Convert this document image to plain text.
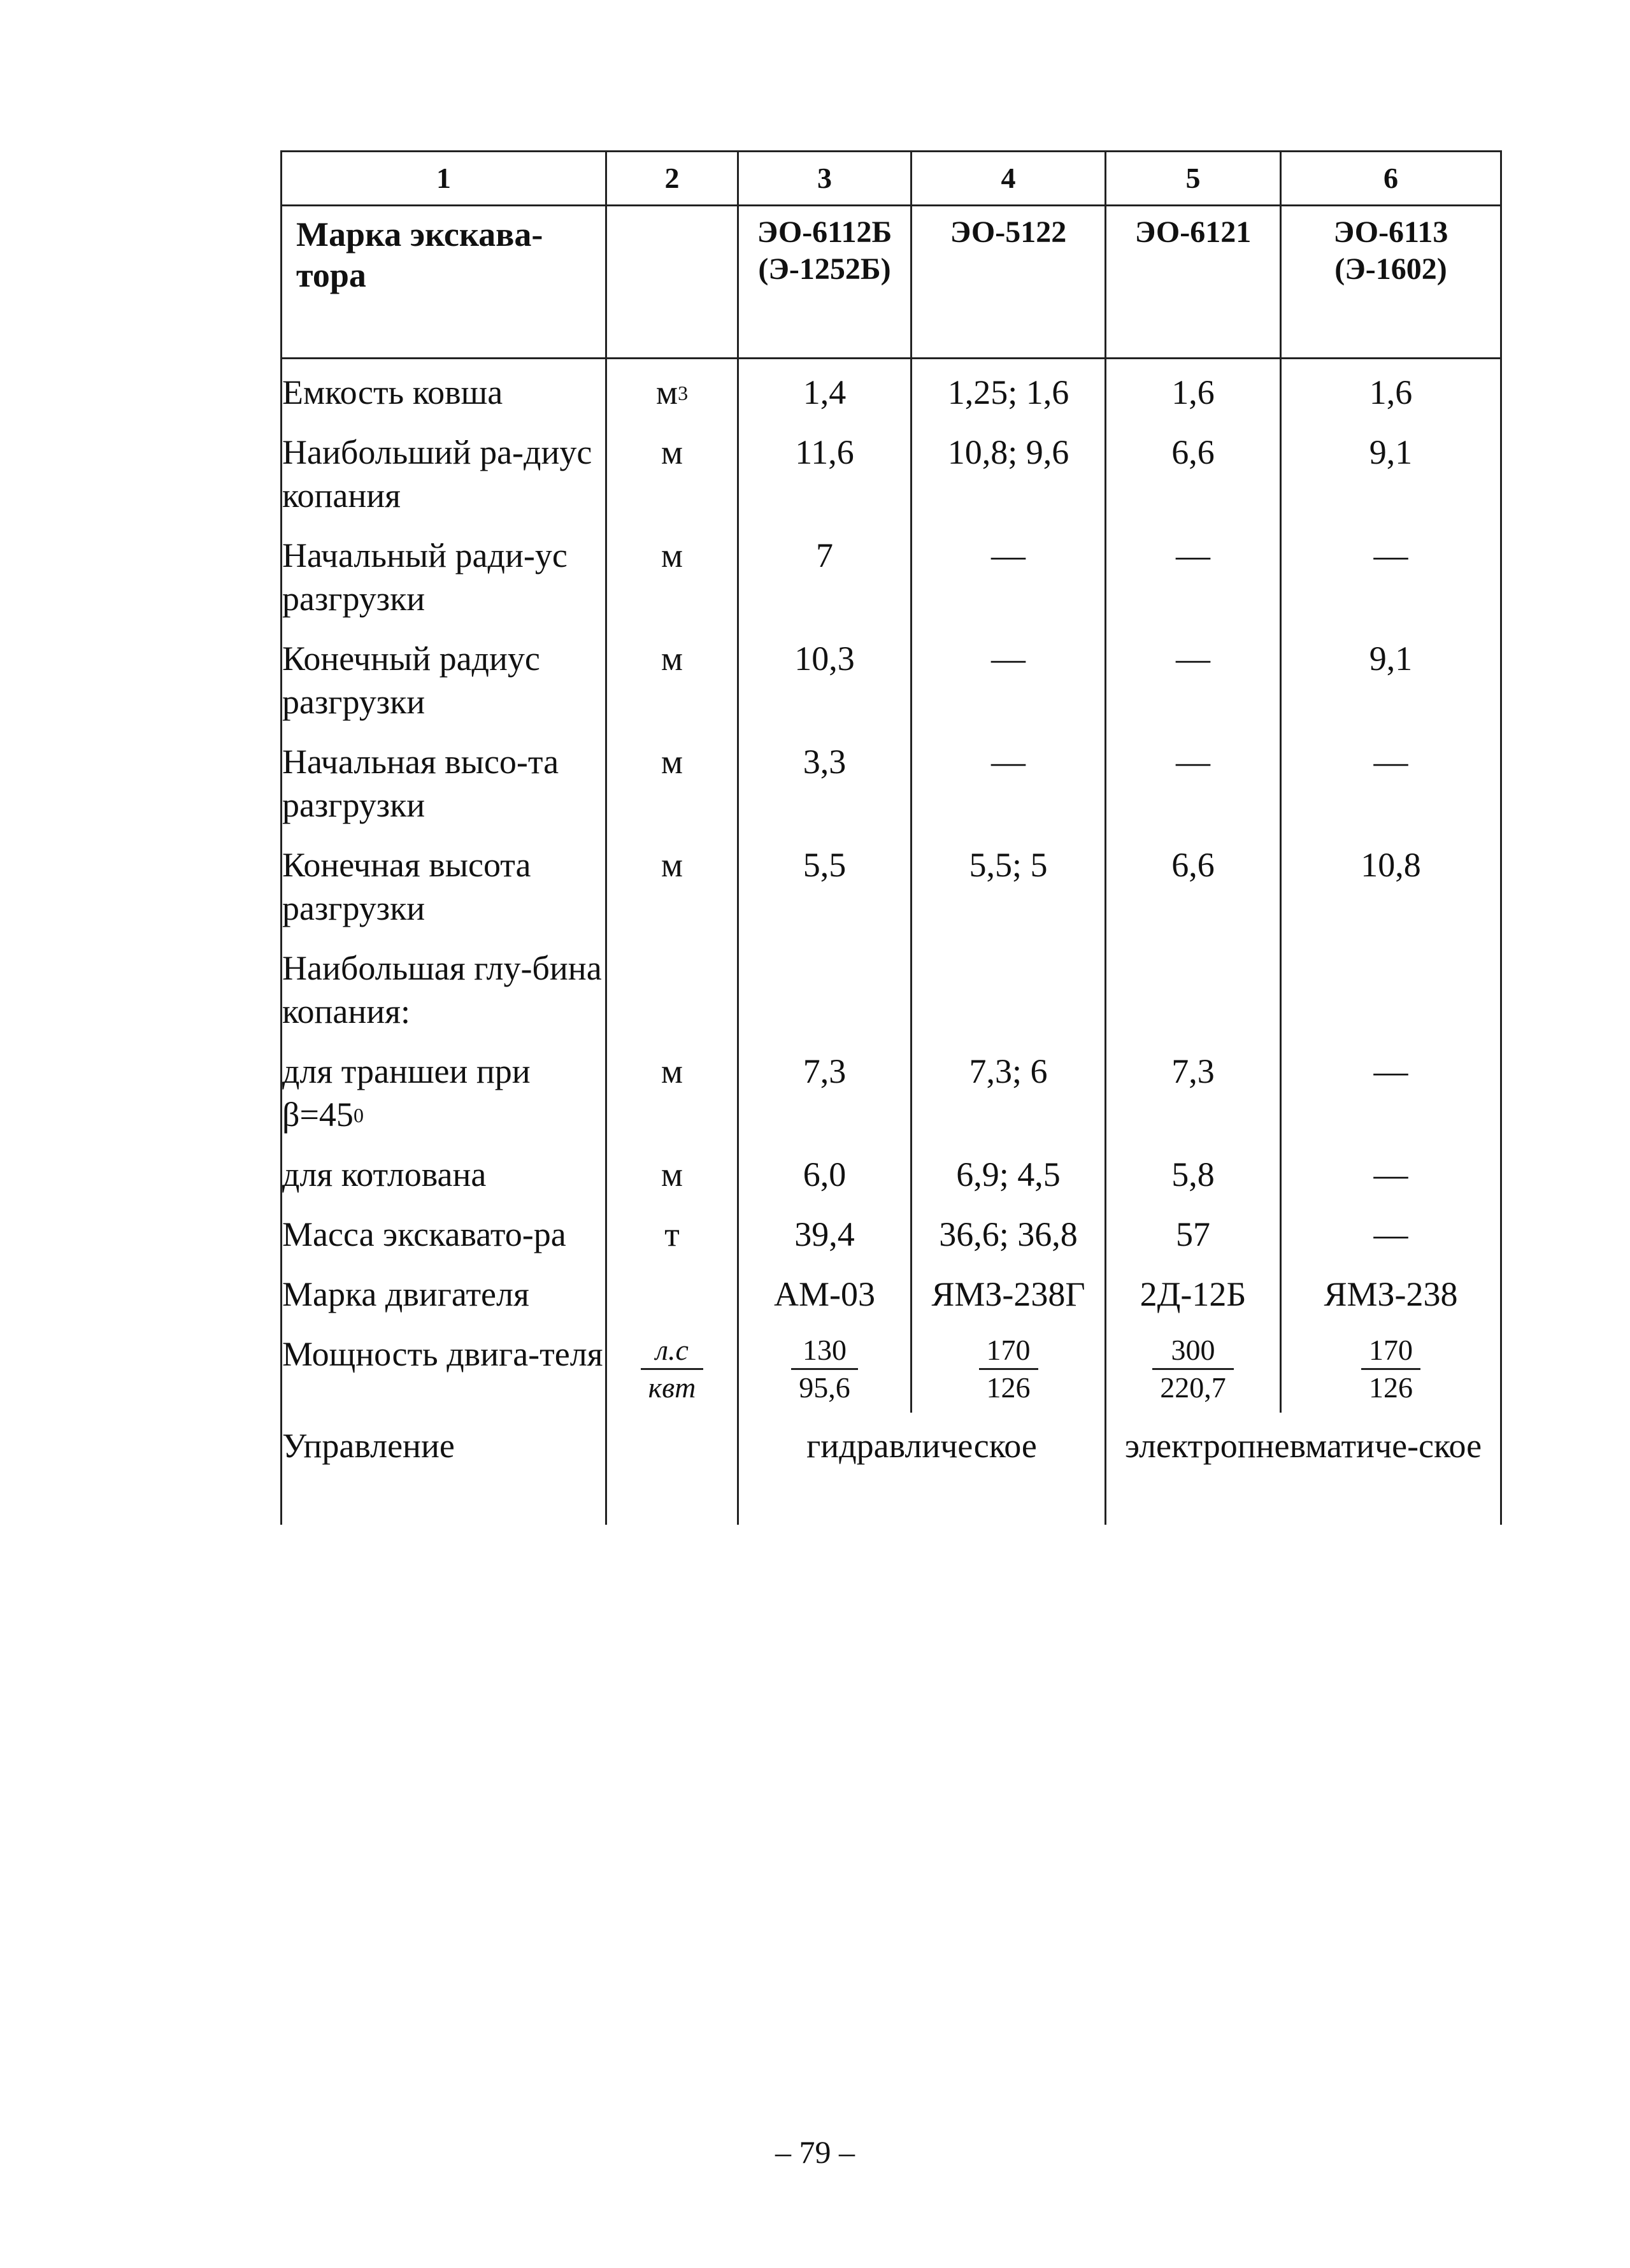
1	2	3	4	5	6
Марка экскава-тора		ЭО-6112Б (Э-1252Б)	ЭО-5122	ЭО-6121	ЭО-6113 (Э-1602)
Емкость ковша	$м^3$	1,4	1,25; 1,6	1,6	1,6
Наибольший ра-диус копания	м	11,6	10,8; 9,6	6,6	9,1
Начальный ради-ус разгрузки	м	7	—	—	—
Конечный радиус разгрузки	м	10,3	—	—	9,1
Начальная высо-та разгрузки	м	3,3	—	—	—
Конечная высота разгрузки	м	5,5	5,5; 5	6,6	10,8
Наибольшая глу-бина копания:					
для траншеи при $\beta=45^0$	м	7,3	7,3; 6	7,3	—
для котлована	м	6,0	6,9; 4,5	5,8	—
Масса экскавато-ра	т	39,4	36,6; 36,8	57	—
Марка двигателя		АМ-03	ЯМЗ-238Г	2Д-12Б	ЯМЗ-238
Мощность двига-теля	$\frac{л.с}{\text{квт}}$	$\frac{130}{95,6}$	$\frac{170}{126}$	$\frac{300}{220,7}$	$\frac{170}{126}$

Управление		гидравлическое		электропневматиче-ское	
– 79 –
